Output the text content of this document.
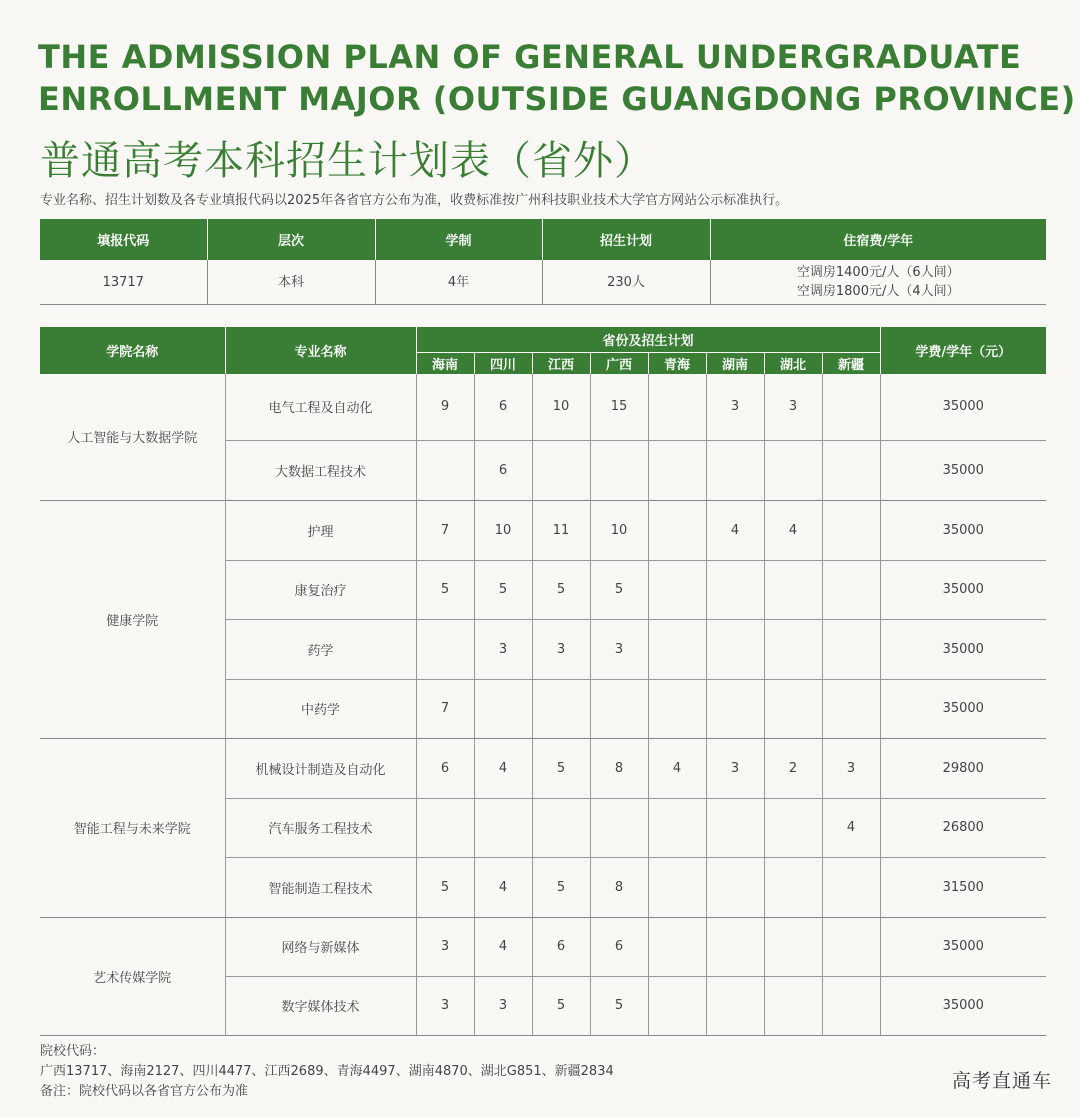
THE ADMISSION PLAN OF GENERAL UNDERGRADUATE
ENROLLMENT MAJOR (OUTSIDE GUANGDONG PROVINCE)
普通高考本科招生计划表（省外）
专业名称、招生计划数及各专业填报代码以2025年各省官方公布为准，收费标准按广州科技职业技术大学官方网站公示标准执行。
填报代码	层次	学制	招生计划	住宿费/学年
13717	本科	4年	230人	空调房1400元/人（6人间）
空调房1800元/人（4人间）
学院名称	专业名称	省份及招生计划								学费/学年（元）
		海南	四川	江西	广西	青海	湖南	湖北	新疆	
人工智能与大数据学院	电气工程及自动化	9	6	10	15		3	3		35000
	大数据工程技术		6							35000
健康学院	护理	7	10	11	10		4	4		35000
	康复治疗	5	5	5	5					35000
	药学		3	3	3					35000
	中药学	7								35000
智能工程与未来学院	机械设计制造及自动化	6	4	5	8	4	3	2	3	29800
	汽车服务工程技术								4	26800
	智能制造工程技术	5	4	5	8					31500
艺术传媒学院	网络与新媒体	3	4	6	6					35000
	数字媒体技术	3	3	5	5					35000
院校代码：
广西13717、海南2127、四川4477、江西2689、青海4497、湖南4870、湖北G851、新疆2834
备注：院校代码以各省官方公布为准	高考直通车
